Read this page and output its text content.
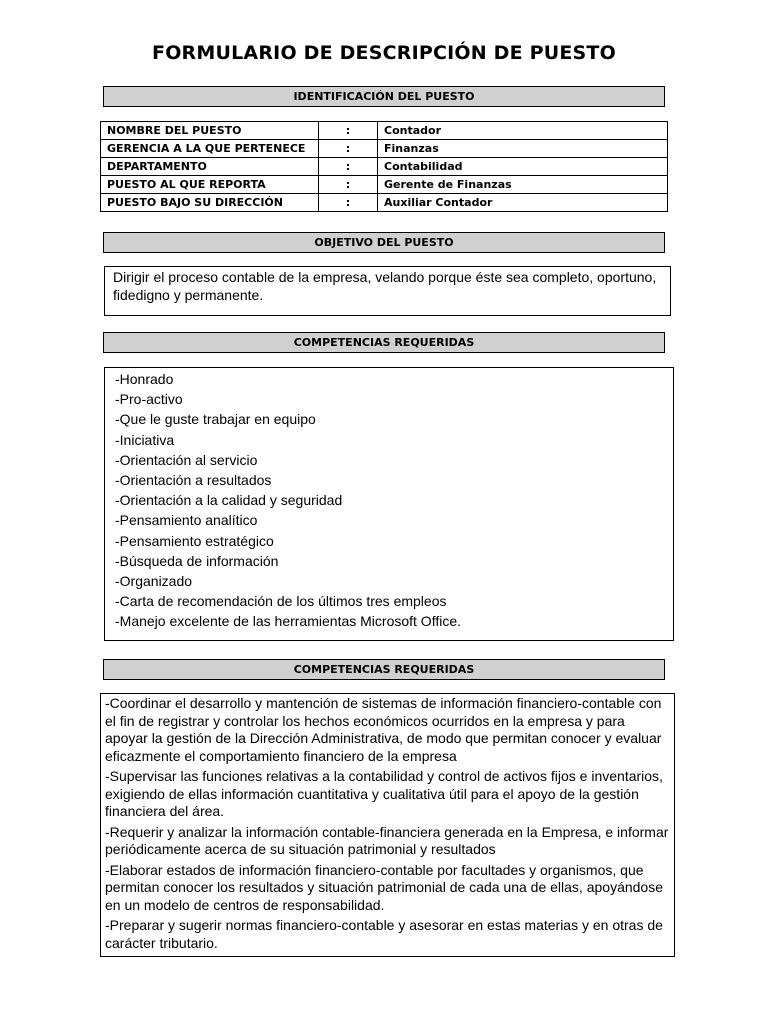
FORMULARIO DE DESCRIPCIÓN DE PUESTO
IDENTIFICACIÓN DEL PUESTO
NOMBRE DEL PUESTO	:	Contador
GERENCIA A LA QUE PERTENECE	:	Finanzas
DEPARTAMENTO	:	Contabilidad
PUESTO AL QUE REPORTA	:	Gerente de Finanzas
PUESTO BAJO SU DIRECCIÓN	:	Auxiliar Contador
OBJETIVO DEL PUESTO
Dirigir el proceso contable de la empresa, velando porque éste sea completo, oportuno, fidedigno y permanente.
COMPETENCIAS REQUERIDAS
-Honrado
-Pro-activo
-Que le guste trabajar en equipo
-Iniciativa
-Orientación al servicio
-Orientación a resultados
-Orientación a la calidad y seguridad
-Pensamiento analítico
-Pensamiento estratégico
-Búsqueda de información
-Organizado
-Carta de recomendación de los últimos tres empleos
-Manejo excelente de las herramientas Microsoft Office.
COMPETENCIAS REQUERIDAS

-Coordinar el desarrollo y mantención de sistemas de información financiero-contable con el fin de registrar y controlar los hechos económicos ocurridos en la empresa y para apoyar la gestión de la Dirección Administrativa, de modo que permitan conocer y evaluar eficazmente el comportamiento financiero de la empresa

-Supervisar las funciones relativas a la contabilidad y control de activos fijos e inventarios, exigiendo de ellas información cuantitativa y cualitativa útil para el apoyo de la gestión financiera del área.

-Requerir y analizar la información contable-financiera generada en la Empresa, e informar periódicamente acerca de su situación patrimonial y resultados

-Elaborar estados de información financiero-contable por facultades y organismos, que permitan conocer los resultados y situación patrimonial de cada una de ellas, apoyándose en un modelo de centros de responsabilidad.

-Preparar y sugerir normas financiero-contable y asesorar en estas materias y en otras de carácter tributario.
